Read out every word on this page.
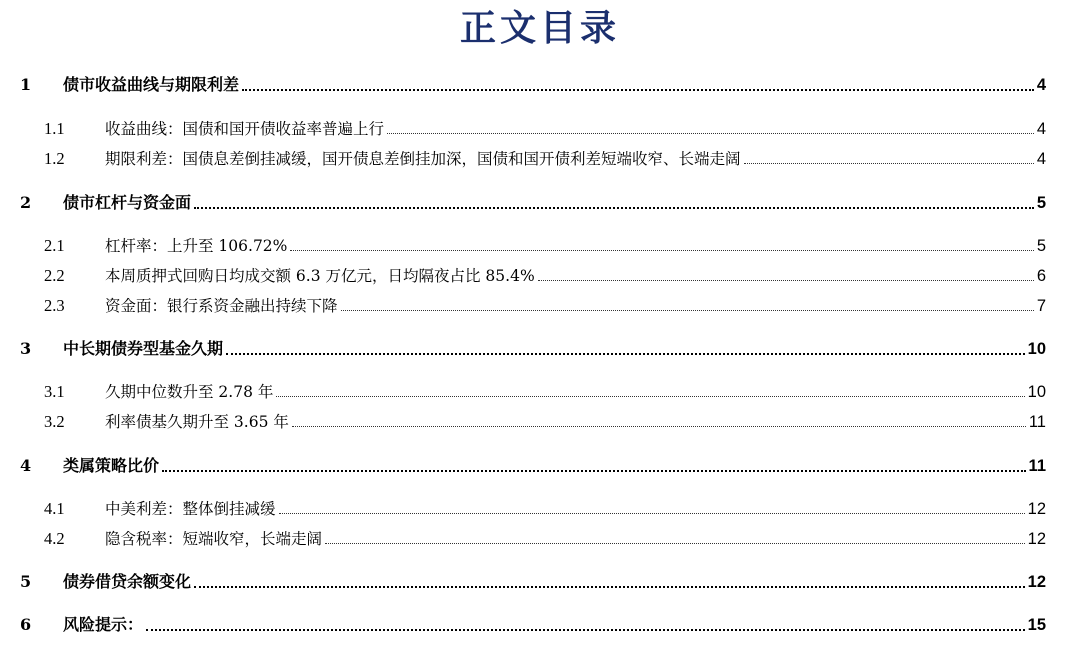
正文目录
1 债市收益曲线与期限利差	4
1.1	收益曲线：国债和国开债收益率普遍上行	4
1.2	期限利差：国债息差倒挂减缓，国开债息差倒挂加深，国债和国开债利差短端收窄、长端走阔	4
2 债市杠杆与资金面	5
2.1	杠杆率：上升至 106.72%	5
2.2	本周质押式回购日均成交额 6.3 万亿元，日均隔夜占比 85.4%	6
2.3	资金面：银行系资金融出持续下降	7
3 中长期债券型基金久期	10
3.1	久期中位数升至 2.78 年	10
3.2	利率债基久期升至 3.65 年	11
4 类属策略比价	11
4.1	中美利差：整体倒挂减缓	12
4.2	隐含税率：短端收窄，长端走阔	12
5 债券借贷余额变化	12
6 风险提示：	15
